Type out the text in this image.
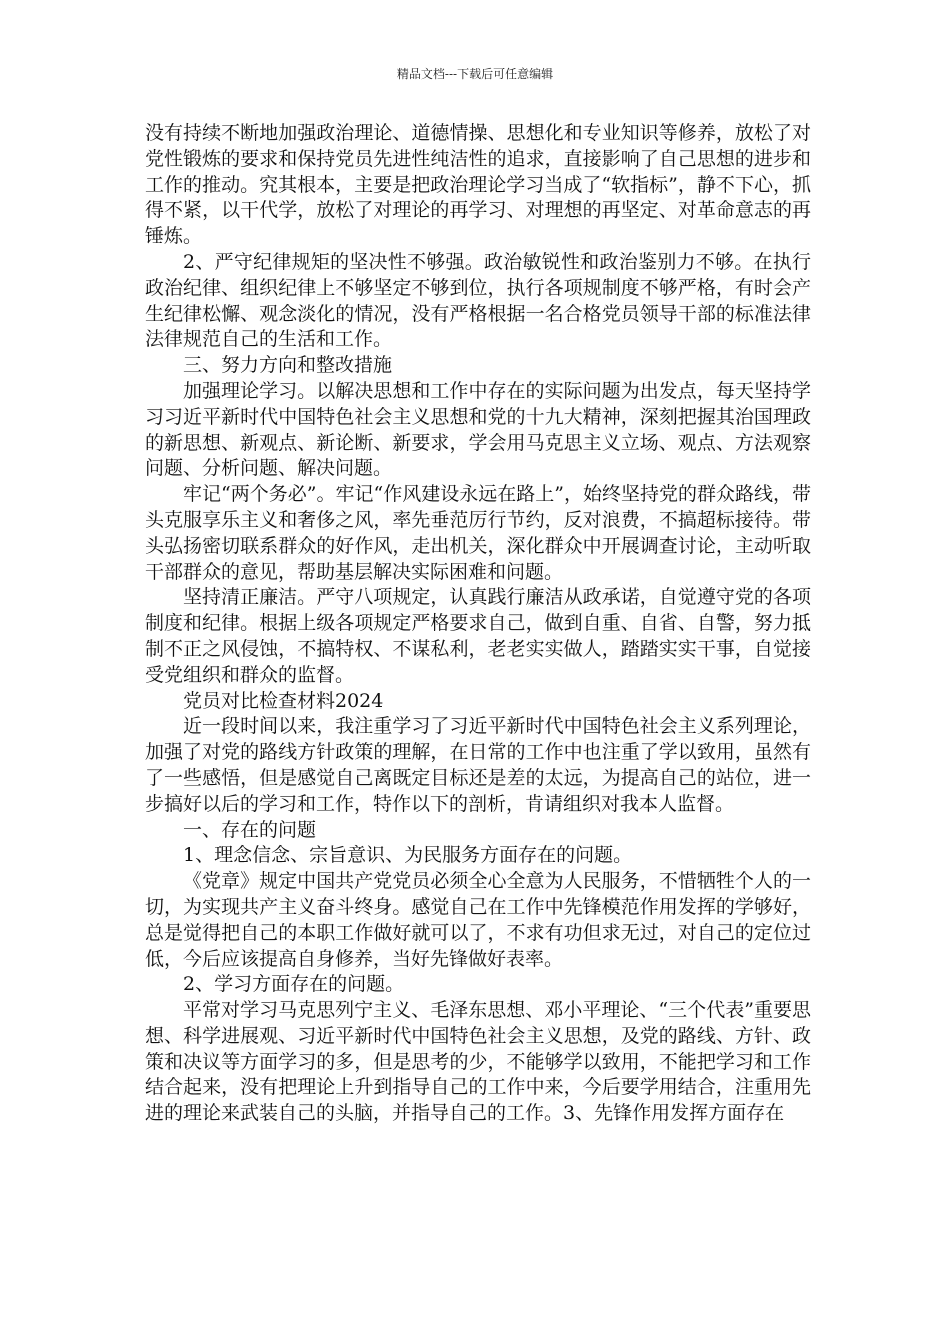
精品文档---下载后可任意编辑

没有持续不断地加强政治理论、道德情操、思想化和专业知识等修养，放松了对党性锻炼的要求和保持党员先进性纯洁性的追求，直接影响了自己思想的进步和工作的推动。究其根本，主要是把政治理论学习当成了“软指标”，静不下心，抓得不紧，以干代学，放松了对理论的再学习、对理想的再坚定、对革命意志的再锤炼。

2、严守纪律规矩的坚决性不够强。政治敏锐性和政治鉴别力不够。在执行政治纪律、组织纪律上不够坚定不够到位，执行各项规制度不够严格，有时会产生纪律松懈、观念淡化的情况，没有严格根据一名合格党员领导干部的标准法律法律规范自己的生活和工作。

三、努力方向和整改措施

加强理论学习。以解决思想和工作中存在的实际问题为出发点，每天坚持学习习近平新时代中国特色社会主义思想和党的十九大精神，深刻把握其治国理政的新思想、新观点、新论断、新要求，学会用马克思主义立场、观点、方法观察问题、分析问题、解决问题。

牢记“两个务必”。牢记“作风建设永远在路上”，始终坚持党的群众路线，带头克服享乐主义和奢侈之风，率先垂范厉行节约，反对浪费，不搞超标接待。带头弘扬密切联系群众的好作风，走出机关，深化群众中开展调查讨论，主动听取干部群众的意见，帮助基层解决实际困难和问题。

坚持清正廉洁。严守八项规定，认真践行廉洁从政承诺，自觉遵守党的各项制度和纪律。根据上级各项规定严格要求自己，做到自重、自省、自警，努力抵制不正之风侵蚀，不搞特权、不谋私利，老老实实做人，踏踏实实干事，自觉接受党组织和群众的监督。

党员对比检查材料2024

近一段时间以来，我注重学习了习近平新时代中国特色社会主义系列理论，加强了对党的路线方针政策的理解，在日常的工作中也注重了学以致用，虽然有了一些感悟，但是感觉自己离既定目标还是差的太远，为提高自己的站位，进一步搞好以后的学习和工作，特作以下的剖析，肯请组织对我本人监督。

一、存在的问题

1、理念信念、宗旨意识、为民服务方面存在的问题。

《党章》规定中国共产党党员必须全心全意为人民服务，不惜牺牲个人的一切，为实现共产主义奋斗终身。感觉自己在工作中先锋模范作用发挥的学够好，总是觉得把自己的本职工作做好就可以了，不求有功但求无过，对自己的定位过低，今后应该提高自身修养，当好先锋做好表率。

2、学习方面存在的问题。

平常对学习马克思列宁主义、毛泽东思想、邓小平理论、“三个代表”重要思想、科学进展观、习近平新时代中国特色社会主义思想，及党的路线、方针、政策和决议等方面学习的多，但是思考的少，不能够学以致用，不能把学习和工作结合起来，没有把理论上升到指导自己的工作中来，今后要学用结合，注重用先进的理论来武装自己的头脑，并指导自己的工作。3、先锋作用发挥方面存在
